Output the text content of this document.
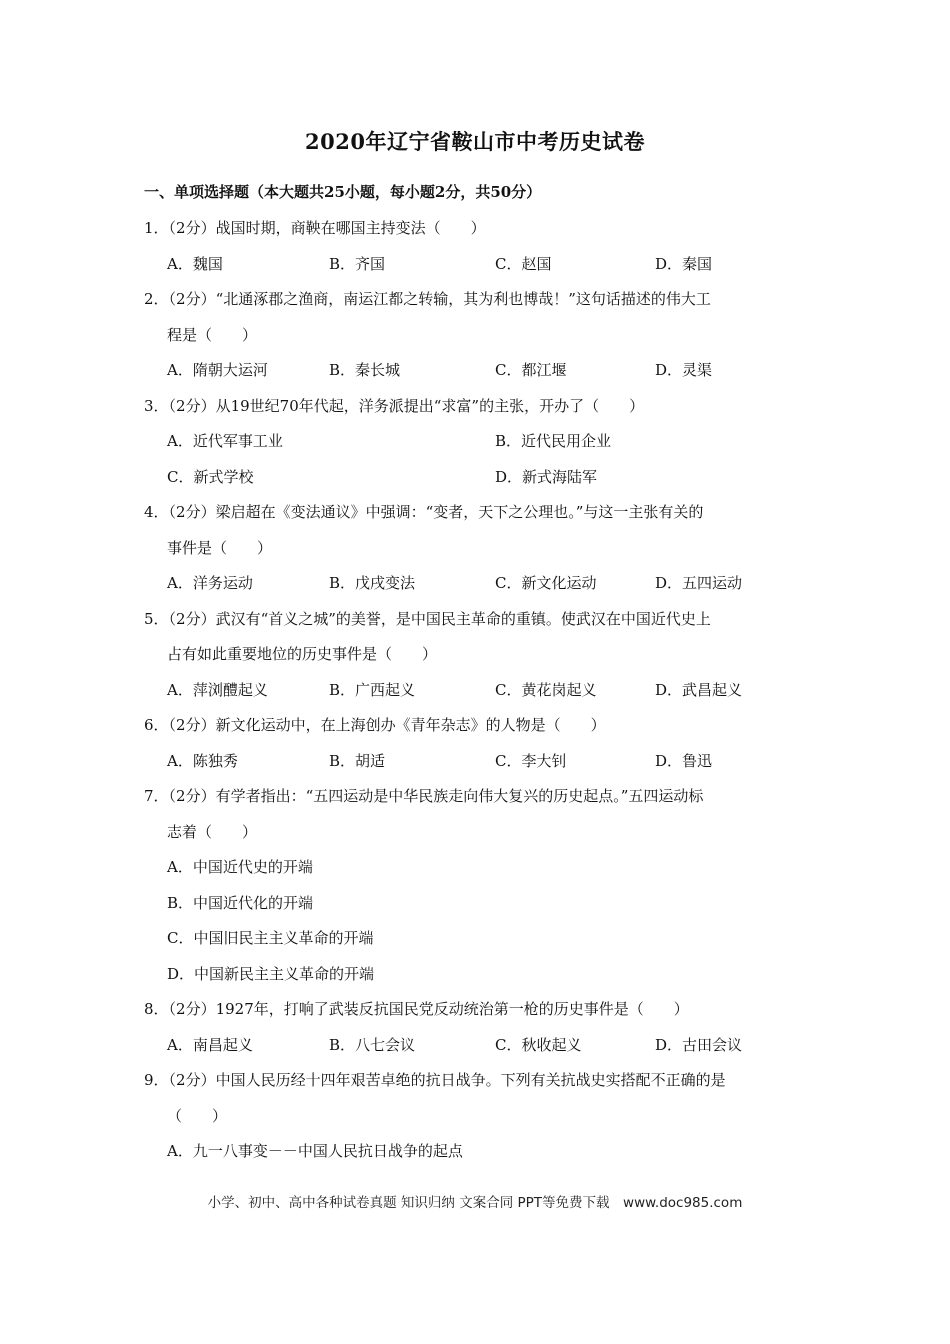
2020年辽宁省鞍山市中考历史试卷
一、单项选择题（本大题共25小题，每小题2分，共50分）
1．（2分）战国时期，商鞅在哪国主持变法（　　）
A．魏国	B．齐国	C．赵国	D．秦国
2．（2分）“北通涿郡之渔商，南运江都之转输，其为利也博哉！”这句话描述的伟大工
程是（　　）
A．隋朝大运河	B．秦长城	C．都江堰	D．灵渠
3．（2分）从19世纪70年代起，洋务派提出“求富”的主张，开办了（　　）
A．近代军事工业	B．近代民用企业
C．新式学校	D．新式海陆军
4．（2分）梁启超在《变法通议》中强调：“变者，天下之公理也。”与这一主张有关的
事件是（　　）
A．洋务运动	B．戊戌变法	C．新文化运动	D．五四运动
5．（2分）武汉有“首义之城”的美誉，是中国民主革命的重镇。使武汉在中国近代史上
占有如此重要地位的历史事件是（　　）
A．萍浏醴起义	B．广西起义	C．黄花岗起义	D．武昌起义
6．（2分）新文化运动中，在上海创办《青年杂志》的人物是（　　）
A．陈独秀	B．胡适	C．李大钊	D．鲁迅
7．（2分）有学者指出：“五四运动是中华民族走向伟大复兴的历史起点。”五四运动标
志着（　　）
A．中国近代史的开端
B．中国近代化的开端
C．中国旧民主主义革命的开端
D．中国新民主主义革命的开端
8．（2分）1927年，打响了武装反抗国民党反动统治第一枪的历史事件是（　　）
A．南昌起义	B．八七会议	C．秋收起义	D．古田会议
9．（2分）中国人民历经十四年艰苦卓绝的抗日战争。下列有关抗战史实搭配不正确的是
（　　）
A．九一八事变－－中国人民抗日战争的起点
小学、初中、高中各种试卷真题 知识归纳 文案合同 PPT等免费下载　www.doc985.com
